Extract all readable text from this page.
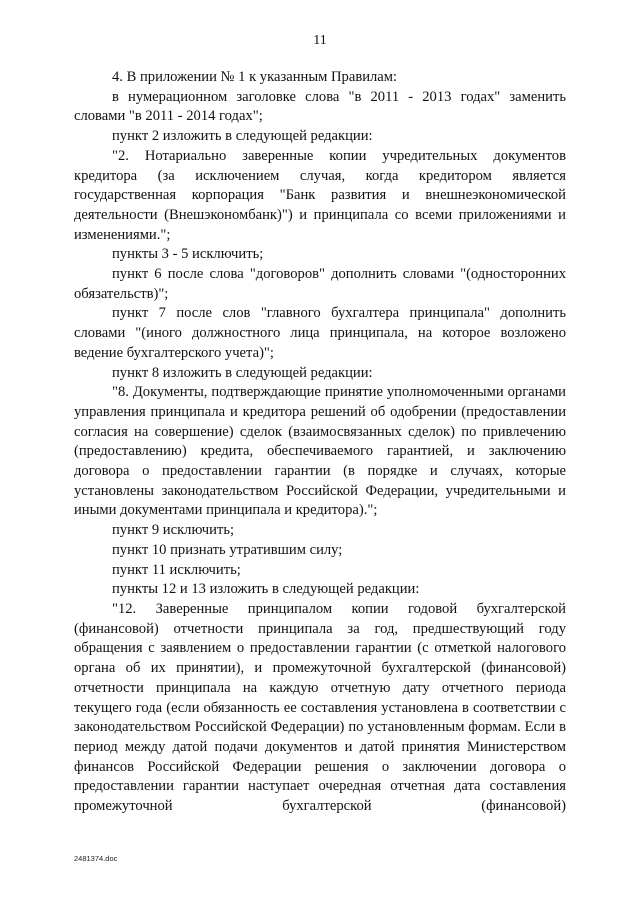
11

4. В приложении № 1 к указанным Правилам:

в нумерационном заголовке слова "в 2011 - 2013 годах" заменить словами "в 2011 - 2014 годах";

пункт 2 изложить в следующей редакции:

"2. Нотариально заверенные копии учредительных документов кредитора (за исключением случая, когда кредитором является государственная корпорация "Банк развития и внешнеэкономической деятельности (Внешэкономбанк)") и принципала со всеми приложениями и изменениями.";

пункты 3 - 5 исключить;

пункт 6 после слова "договоров" дополнить словами "(односторонних обязательств)";

пункт 7 после слов "главного бухгалтера принципала" дополнить словами "(иного должностного лица принципала, на которое возложено ведение бухгалтерского учета)";

пункт 8 изложить в следующей редакции:

"8. Документы, подтверждающие принятие уполномоченными органами управления принципала и кредитора решений об одобрении (предоставлении согласия на совершение) сделок (взаимосвязанных сделок) по привлечению (предоставлению) кредита, обеспечиваемого гарантией, и заключению договора о предоставлении гарантии (в порядке и случаях, которые установлены законодательством Российской Федерации, учредительными и иными документами принципала и кредитора).";

пункт 9 исключить;

пункт 10 признать утратившим силу;

пункт 11 исключить;

пункты 12 и 13 изложить в следующей редакции:

"12. Заверенные принципалом копии годовой бухгалтерской (финансовой) отчетности принципала за год, предшествующий году обращения с заявлением о предоставлении гарантии (с отметкой налогового органа об их принятии), и промежуточной бухгалтерской (финансовой) отчетности принципала на каждую отчетную дату отчетного периода текущего года (если обязанность ее составления установлена в соответствии с законодательством Российской Федерации) по установленным формам. Если в период между датой подачи документов и датой принятия Министерством финансов Российской Федерации решения о заключении договора о предоставлении гарантии наступает очередная отчетная дата составления промежуточной бухгалтерской (финансовой)

2481374.doc
